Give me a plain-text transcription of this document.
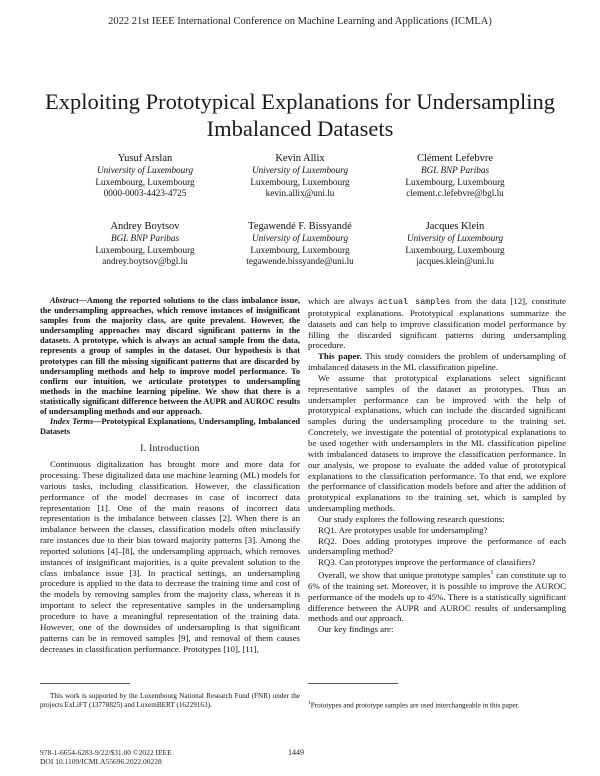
2022 21st IEEE International Conference on Machine Learning and Applications (ICMLA)
Exploiting Prototypical Explanations for Undersampling Imbalanced Datasets
Yusuf Arslan
University of Luxembourg
Luxembourg, Luxembourg
0000-0003-4423-4725
Kevin Allix
University of Luxembourg
Luxembourg, Luxembourg
kevin.allix@uni.lu
Clément Lefebvre
BGL BNP Paribas
Luxembourg, Luxembourg
clement.c.lefebvre@bgl.lu
Andrey Boytsov
BGL BNP Paribas
Luxembourg, Luxembourg
andrey.boytsov@bgl.lu
Tegawendé F. Bissyandé
University of Luxembourg
Luxembourg, Luxembourg
tegawende.bissyande@uni.lu
Jacques Klein
University of Luxembourg
Luxembourg, Luxembourg
jacques.klein@uni.lu

Abstract—Among the reported solutions to the class imbalance issue, the undersampling approaches, which remove instances of insignificant samples from the majority class, are quite prevalent. However, the undersampling approaches may discard significant patterns in the datasets. A prototype, which is always an actual sample from the data, represents a group of samples in the dataset. Our hypothesis is that prototypes can fill the missing significant patterns that are discarded by undersampling methods and help to improve model performance. To confirm our intuition, we articulate prototypes to undersampling methods in the machine learning pipeline. We show that there is a statistically significant difference between the AUPR and AUROC results of undersampling methods and our approach.

Index Terms—Prototypical Explanations, Undersampling, Imbalanced Datasets

I. Introduction

Continuous digitalization has brought more and more data for processing. These digitalized data use machine learning (ML) models for various tasks, including classification. However, the classification performance of the model decreases in case of incorrect data representation [1]. One of the main reasons of incorrect data representation is the imbalance between classes [2]. When there is an imbalance between the classes, classification models often misclassify rare instances due to their bias toward majority patterns [3]. Among the reported solutions [4]–[8], the undersampling approach, which removes instances of insignificant majorities, is a quite prevalent solution to the class imbalance issue [3]. In practical settings, an undersampling procedure is applied to the data to decrease the training time and cost of the models by removing samples from the majority class, whereas it is important to select the representative samples in the undersampling procedure to have a meaningful representation of the training data. However, one of the downsides of undersampling is that significant patterns can be in removed samples [9], and removal of them causes decreases in classification performance. Prototypes [10], [11],

which are always actual samples from the data [12], constitute prototypical explanations. Prototypical explanations summarize the datasets and can help to improve classification model performance by filling the discarded significant patterns during undersampling procedure.

This paper. This study considers the problem of undersampling of imbalanced datasets in the ML classification pipeline.

We assume that prototypical explanations select significant representative samples of the dataset as prototypes. Thus an undersampler performance can be improved with the help of prototypical explanations, which can include the discarded significant samples during the undersampling procedure to the training set. Concretely, we investigate the potential of prototypical explanations to be used together with undersamplers in the ML classification pipeline with imbalanced datasets to improve the classification performance. In our analysis, we propose to evaluate the added value of prototypical explanations to the classification performance. To that end, we explore the performance of classification models before and after the addition of prototypical explanations to the training set, which is sampled by undersampling methods.

Our study explores the following research questions:

RQ1. Are prototypes usable for undersampling?

RQ2. Does adding prototypes improve the performance of each undersampling method?

RQ3. Can prototypes improve the performance of classifiers?

Overall, we show that unique prototype samples$^1$ can constitute up to 6% of the training set. Moreover, it is possible to improve the AUROC performance of the models up to 45%. There is a statistically significant difference between the AUPR and AUROC results of undersampling methods and our approach.

Our key findings are:

This work is supported by the Luxembourg National Research Fund (FNR) under the projects ExLiFT (13778825) and LuxemBERT (16229163).	$^1$Prototypes and prototype samples are used interchangeable in this paper.

978-1-6654-6283-9/22/$31.00 ©2022 IEEE
DOI 10.1109/ICMLA55696.2022.00228
1449
